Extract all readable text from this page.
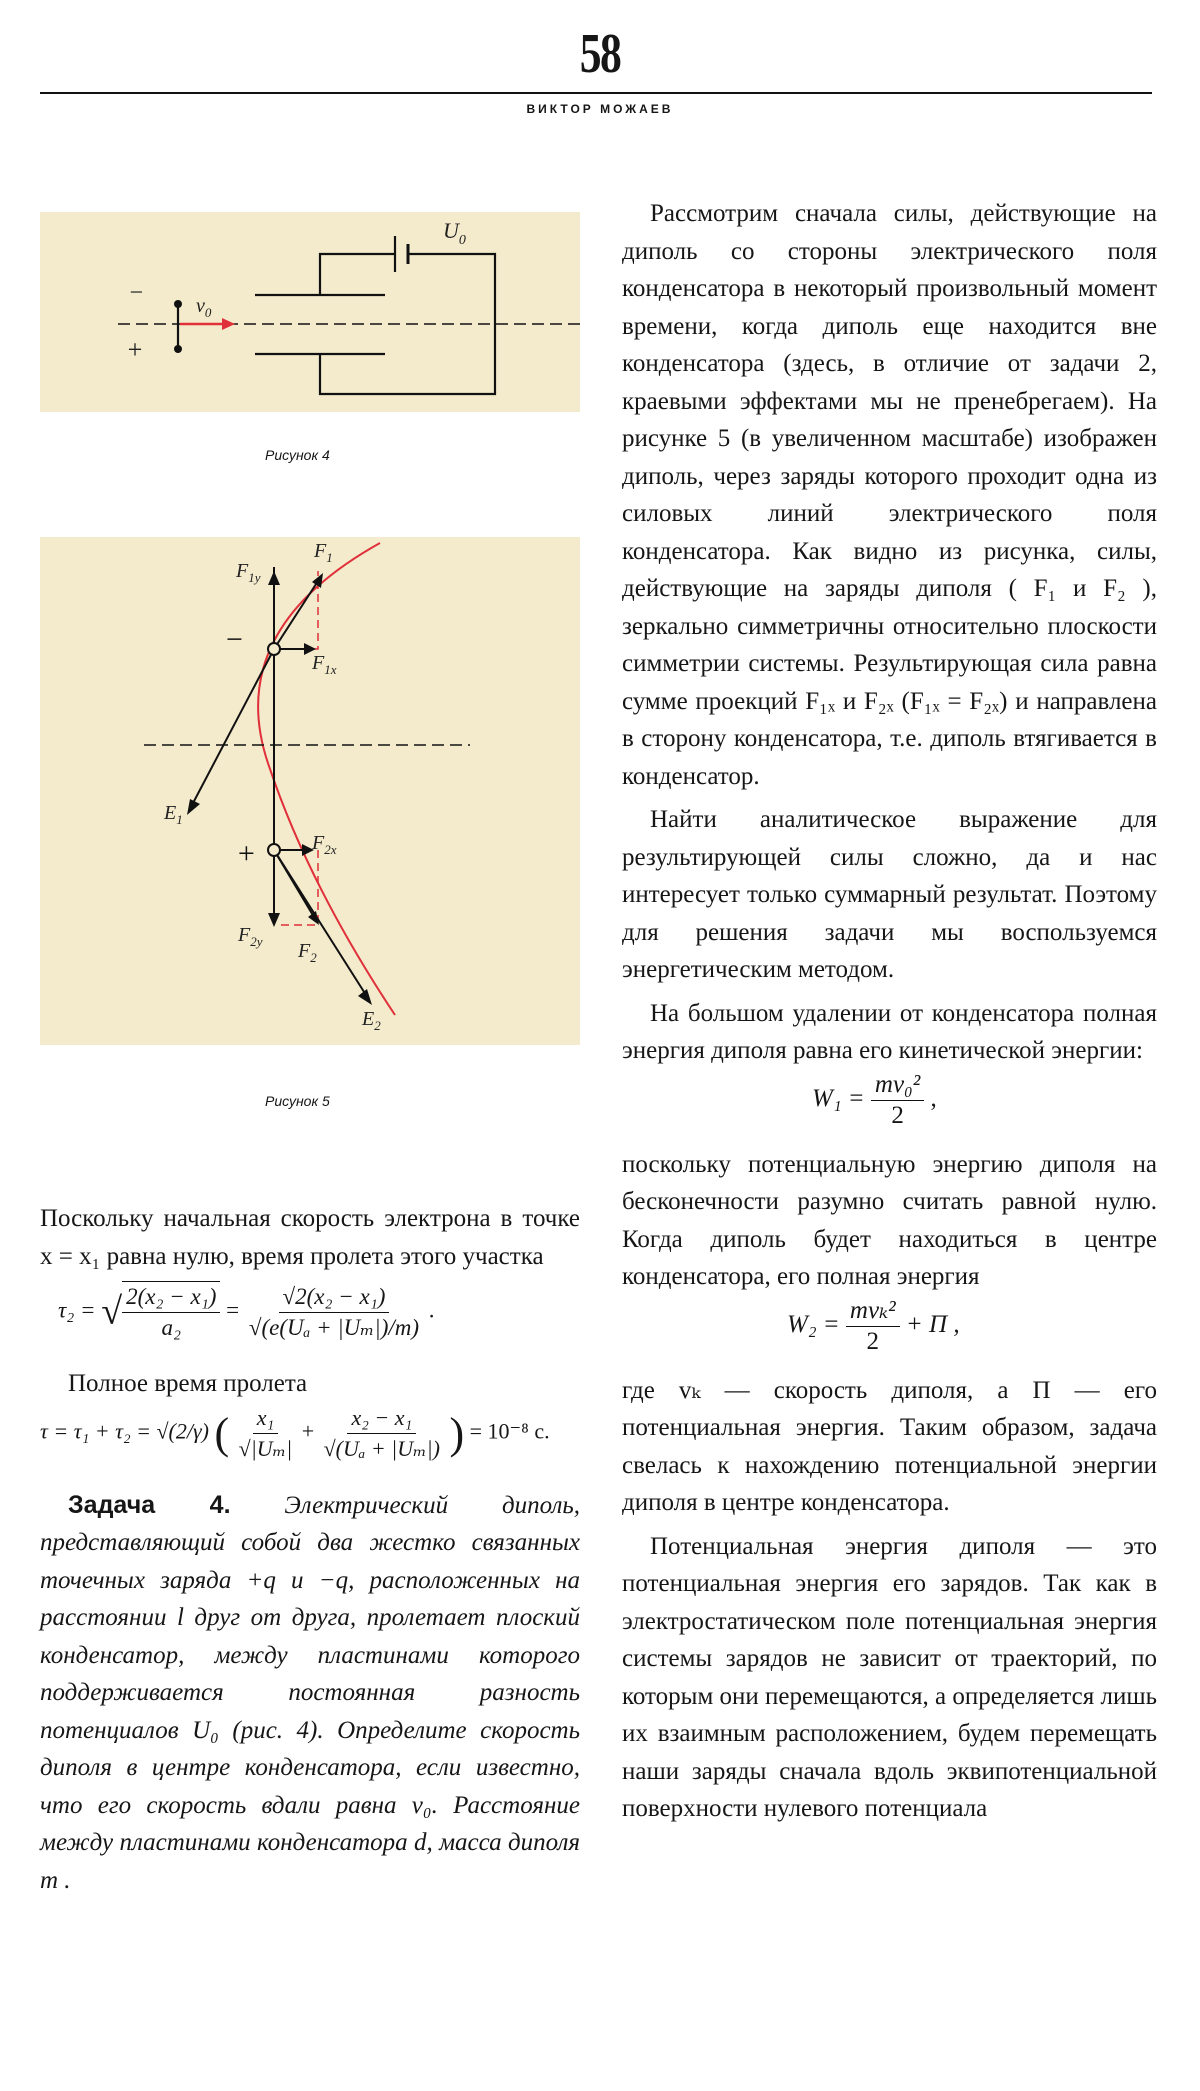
58
ВИКТОР МОЖАЕВ
$U_0$
$v_0$
−
+
Рисунок 4
−
+
$F_{1y}$
$F_1$
$F_{1x}$
$E_1$
$F_{2x}$
$F_{2y}$ $F_2$
$E_2$
Рисунок 5

Рассмотрим сначала силы, действующие на диполь со стороны электрического поля конденсатора в некоторый произвольный момент времени, когда диполь еще находится вне конденсатора (здесь, в отличие от задачи 2, краевыми эффектами мы не пренебрегаем). На рисунке 5 (в увеличенном масштабе) изображен диполь, через заряды которого проходит одна из силовых линий электрического поля конденсатора. Как видно из рисунка, силы, действующие на заряды диполя ( F₁ и F₂ ), зеркально симметричны относительно плоскости симметрии системы. Результирующая сила равна сумме проекций F₁ₓ и F₂ₓ (F₁ₓ = F₂ₓ) и направлена в сторону конденсатора, т.е. диполь втягивается в конденсатор.

Найти аналитическое выражение для результирующей силы сложно, да и нас интересует только суммарный результат. Поэтому для решения задачи мы воспользуемся энергетическим методом.

На большом удалении от конденсатора полная энергия диполя равна его кинетической энергии:

$W_1 = \frac{\text{mv₀²}}{2}$ ,

поскольку потенциальную энергию диполя на бесконечности разумно считать равной нулю. Когда диполь будет находиться в центре конденсатора, его полная энергия

$W_2 = \frac{\text{mvₖ²}}{2} + П$ ,

где vₖ — скорость диполя, а П — его потенциальная энергия. Таким образом, задача свелась к нахождению потенциальной энергии диполя в центре конденсатора.

Потенциальная энергия диполя — это потенциальная энергия его зарядов. Так как в электростатическом поле потенциальная энергия системы зарядов не зависит от траекторий, по которым они перемещаются, а определяется лишь их взаимным расположением, будем перемещать наши заряды сначала вдоль эквипотенциальной поверхности нулевого потенциала

Поскольку начальная скорость электрона в точке x = x₁ равна нулю, время пролета этого участка

τ₂ = √ $\frac{\text{2(x₂ − x₁)}}{\text{a₂}} = \frac{\text{√2(x₂ − x₁)}}{\text{√(e(Uₐ + |Uₘ|)/m)}}$ .

Полное время пролета

τ = τ₁ + τ₂ = √(2/γ) ( $\frac{\text{x₁}}{\text{√|Uₘ|}} + \frac{\text{x₂ − x₁}}{\text{√(Uₐ + |Uₘ|)}}$ ) = 10⁻⁸ с.

Задача 4. Электрический диполь, представляющий собой два жестко связанных точечных заряда +q и −q, расположенных на расстоянии l друг от друга, пролетает плоский конденсатор, между пластинами которого поддерживается постоянная разность потенциалов U₀ (рис. 4). Определите скорость диполя в центре конденсатора, если известно, что его скорость вдали равна v₀. Расстояние между пластинами конденсатора d, масса диполя m .
